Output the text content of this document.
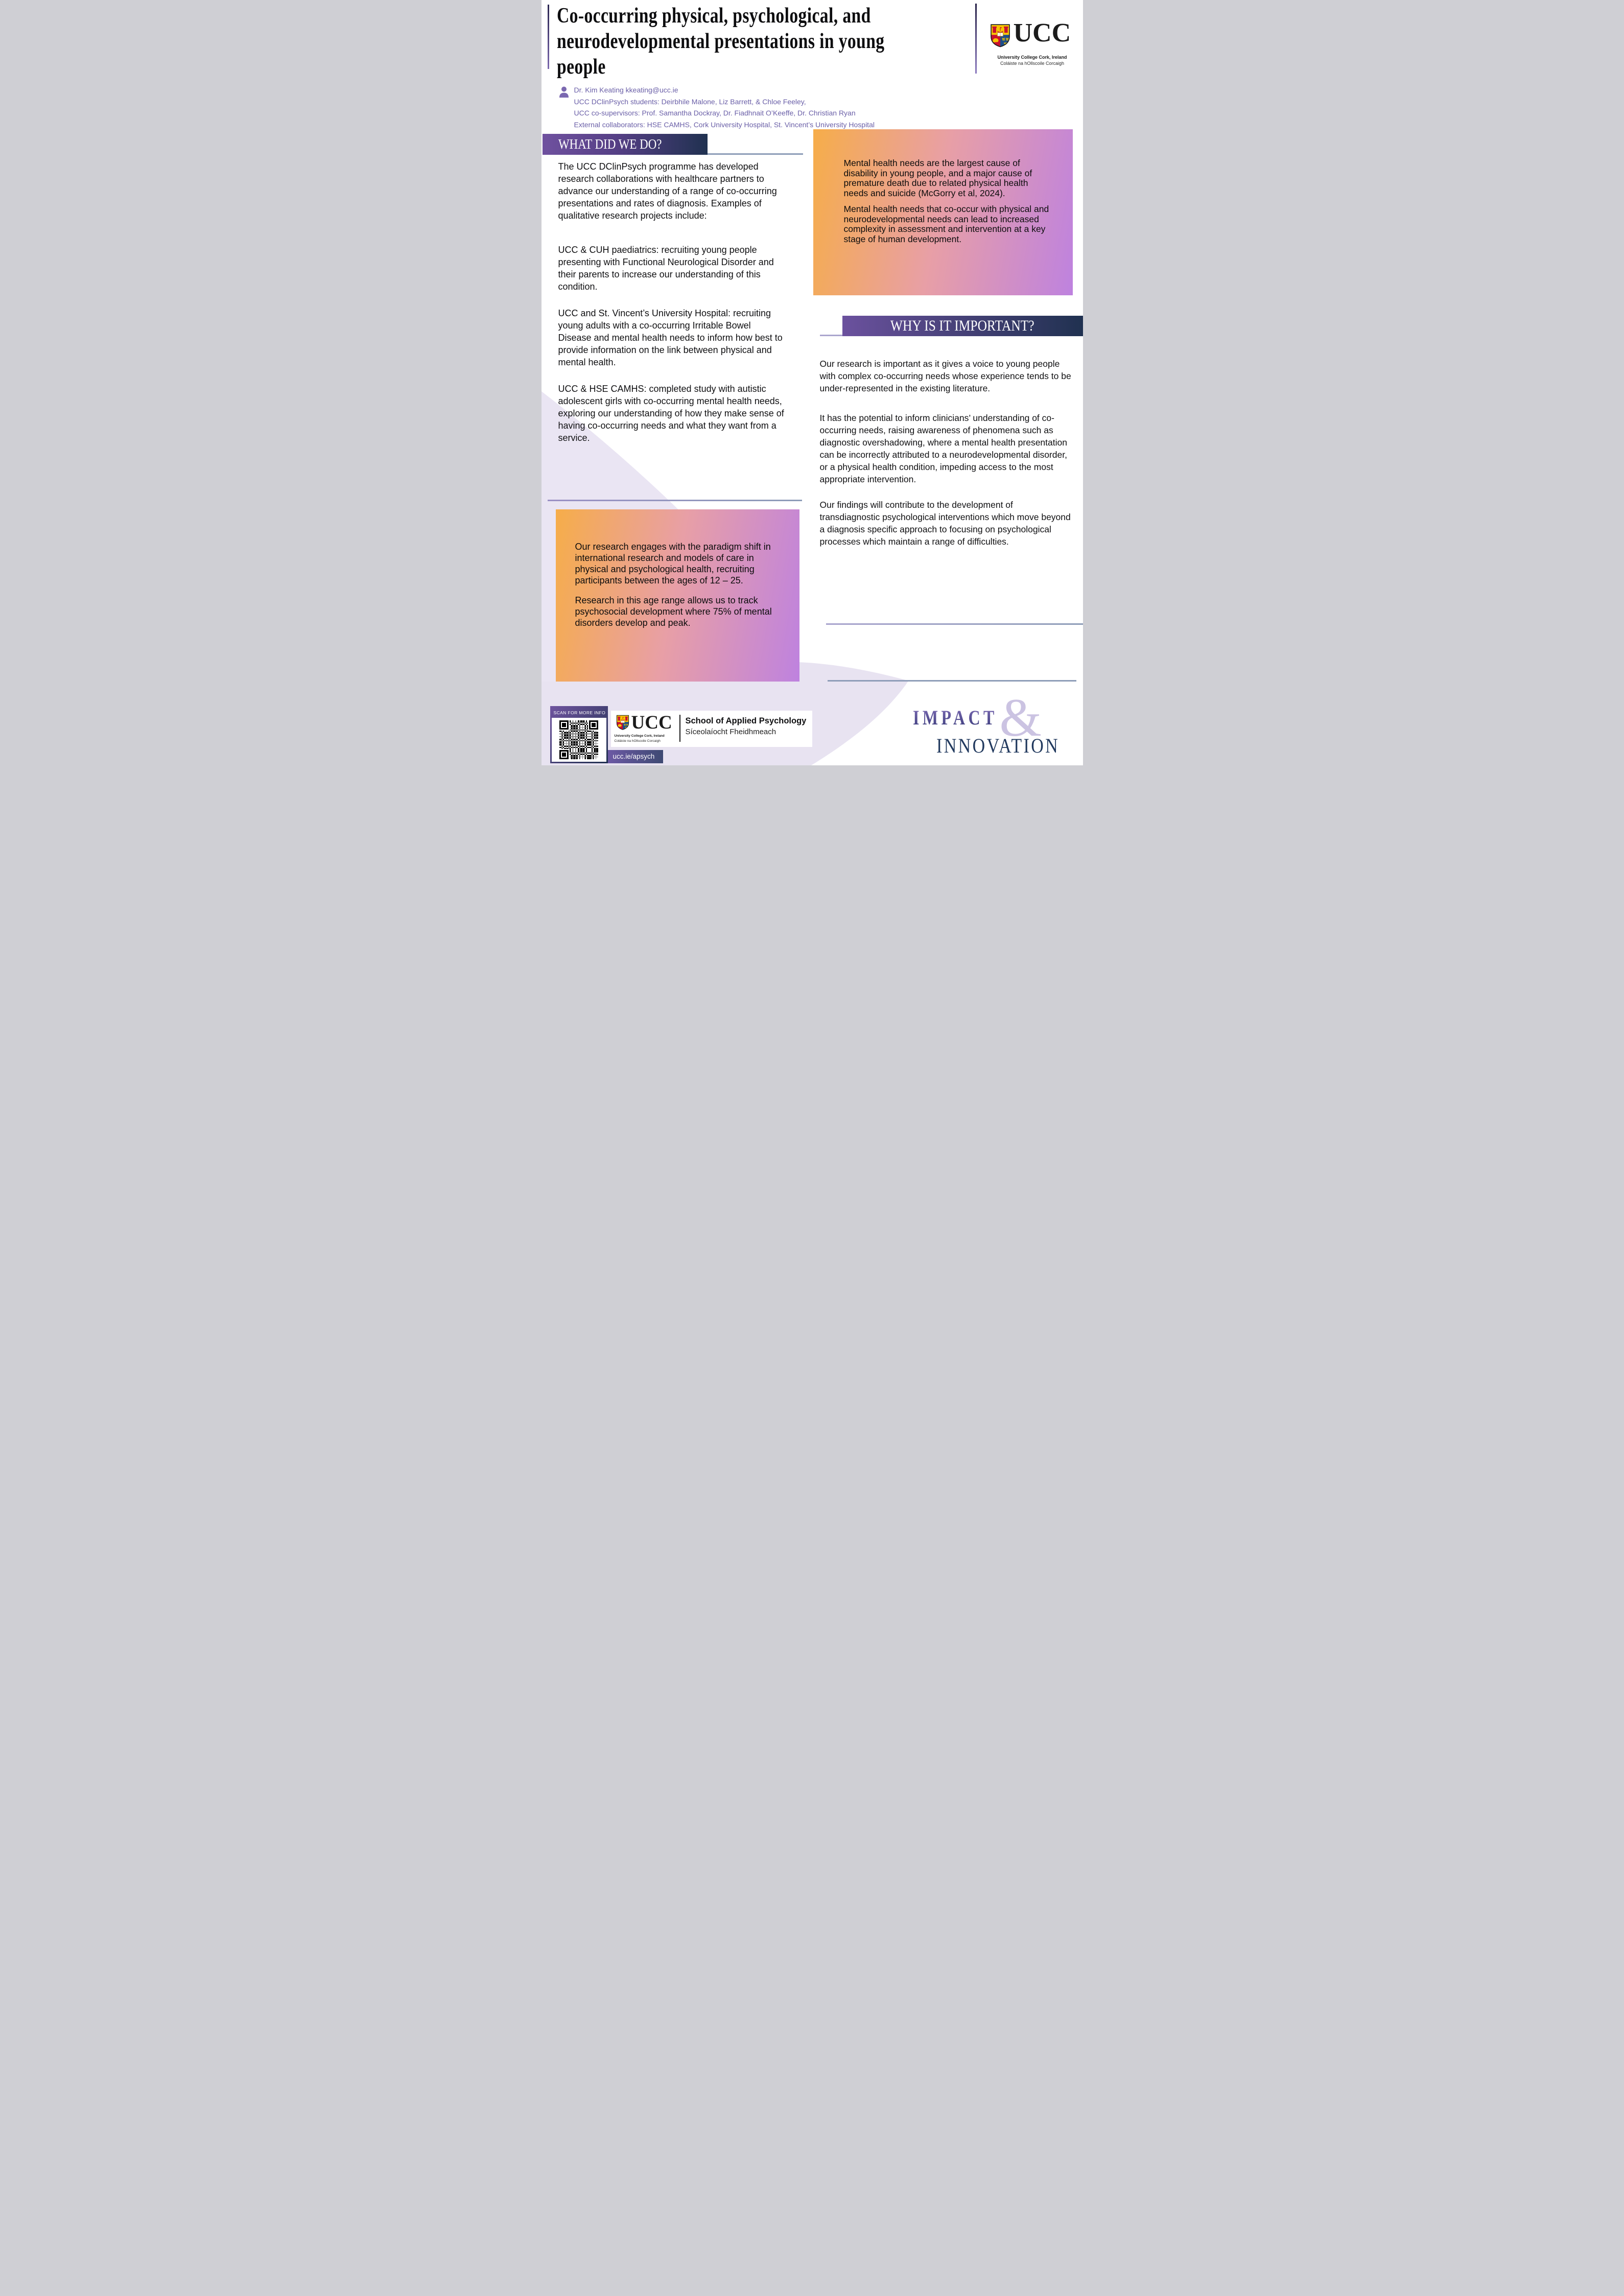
Co-occurring physical, psychological, and
neurodevelopmental presentations in young
people
UCC
University College Cork, Ireland
Coláiste na hOllscoile Corcaigh

Dr. Kim Keating kkeating@ucc.ie

UCC DClinPsych students: Deirbhile Malone, Liz Barrett, & Chloe Feeley,

UCC co-supervisors: Prof. Samantha Dockray, Dr. Fiadhnait O’Keeffe, Dr. Christian Ryan

External collaborators: HSE CAMHS, Cork University Hospital, St. Vincent’s University Hospital

WHAT DID WE DO?

The UCC DClinPsych programme has developed research collaborations with healthcare partners to advance our understanding of a range of co-occurring presentations and rates of diagnosis. Examples of qualitative research projects include:

UCC & CUH paediatrics: recruiting young people presenting with Functional Neurological Disorder and their parents to increase our understanding of this condition.

UCC and St. Vincent’s University Hospital: recruiting young adults with a co-occurring Irritable Bowel Disease and mental health needs to inform how best to provide information on the link between physical and mental health.

UCC & HSE CAMHS: completed study with autistic adolescent girls with co-occurring mental health needs, exploring our understanding of how they make sense of having co-occurring needs and what they want from a service.

Our research engages with the paradigm shift in international research and models of care in physical and psychological health, recruiting participants between the ages of 12 – 25.

Research in this age range allows us to track psychosocial development where 75% of mental disorders develop and peak.

Mental health needs are the largest cause of disability in young people, and a major cause of premature death due to related physical health needs and suicide (McGorry et al, 2024).

Mental health needs that co-occur with physical and neurodevelopmental needs can lead to increased complexity in assessment and intervention at a key stage of human development.

WHY IS IT IMPORTANT?

Our research is important as it gives a voice to young people with complex co-occurring needs whose experience tends to be under-represented in the existing literature.

It has the potential to inform clinicians’ understanding of co-occurring needs, raising awareness of phenomena such as diagnostic overshadowing, where a mental health presentation can be incorrectly attributed to a neurodevelopmental disorder, or a physical health condition, impeding access to the most appropriate intervention.

Our findings will contribute to the development of transdiagnostic psychological interventions which move beyond a diagnosis specific approach to focusing on psychological processes which maintain a range of difficulties.

SCAN FOR MORE INFO
ucc.ie/apsych
UCC
University College Cork, Ireland
Coláiste na hOllscoile Corcaigh
School of Applied Psychology
Síceolaíocht Fheidhmeach	&
IMPACT
INNOVATION
